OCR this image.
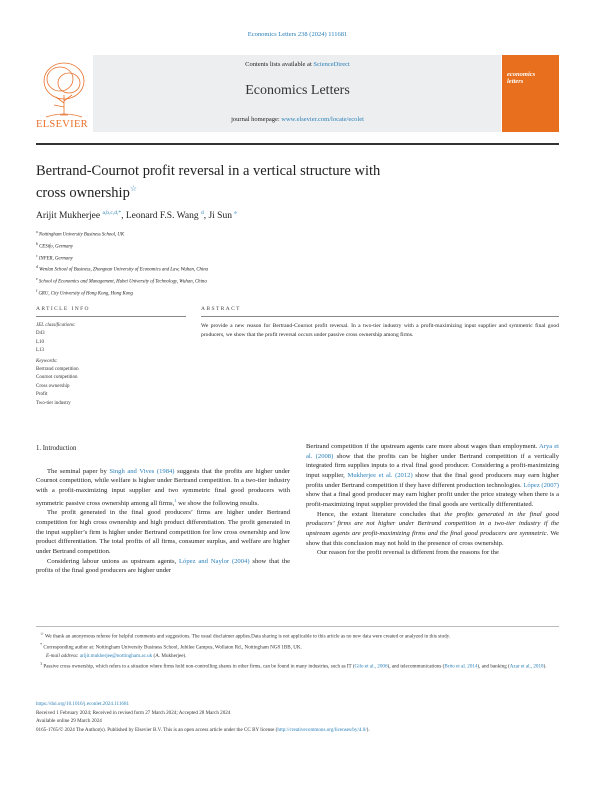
Economics Letters 238 (2024) 111681
Contents lists available at ScienceDirect
Economics Letters
journal homepage: www.elsevier.com/locate/ecolet
ELSEVIER
economics
letters
Bertrand-Cournot profit reversal in a vertical structure with
cross ownership☆
Arijit Mukherjee $^{a,b,c,d,*}$, Leonard F.S. Wang $^d$, Ji Sun $^e$
$^a$ Nottingham University Business School, UK
$^b$ CESifo, Germany
$^c$ INFER, Germany
$^d$ Wenlan School of Business, Zhongnan University of Economics and Law, Wuhan, China
$^e$ School of Economics and Management, Hubei University of Technology, Wuhan, China
$^f$ GRU, City University of Hong Kong, Hong Kong
ARTICLE INFO
JEL classifications:
D43
L10
L13
Keywords:
Bertrand competition
Cournot competition
Cross ownership
Profit
Two-tier industry
ABSTRACT
We provide a new reason for Bertrand-Cournot profit reversal. In a two-tier industry with a profit-maximizing input supplier and symmetric final good producers, we show that the profit reversal occurs under passive cross ownership among firms.
1. Introduction

The seminal paper by Singh and Vives (1984) suggests that the profits are higher under Cournot competition, while welfare is higher under Bertrand competition. In a two-tier industry with a profit-maximizing input supplier and two symmetric final good producers with symmetric passive cross ownership among all firms,$^1$ we show the following results.

The profit generated in the final good producers’ firms are higher under Bertrand competition for high cross ownership and high product differentiation. The profit generated in the input supplier’s firm is higher under Bertrand competition for low cross ownership and low product differentiation. The total profits of all firms, consumer surplus, and welfare are higher under Bertrand competition.

Considering labour unions as upstream agents, López and Naylor (2004) show that the profits of the final good producers are higher under

Bertrand competition if the upstream agents care more about wages than employment. Arya et al. (2008) show that the profits can be higher under Bertrand competition if a vertically integrated firm supplies inputs to a rival final good producer. Considering a profit-maximizing input supplier, Mukherjee et al. (2012) show that the final good producers may earn higher profits under Bertrand competition if they have different production technologies. López (2007) show that a final good producer may earn higher profit under the price strategy when there is a profit-maximizing input supplier provided the final goods are vertically differentiated.

Hence, the extant literature concludes that the profits generated in the final good producers’ firms are not higher under Bertrand competition in a two-tier industry if the upstream agents are profit-maximizing firms and the final good producers are symmetric. We show that this conclusion may not hold in the presence of cross ownership.

Our reason for the profit reversal is different from the reasons for the

☆ We thank an anonymous referee for helpful comments and suggestions. The usual disclaimer applies.Data sharing is not applicable to this article as no new data were created or analyzed in this study.
* Corresponding author at: Nottingham University Business School, Jubilee Campus, Wollaton Rd., Nottingham NG8 1BB, UK.
E-mail address: arijit.mukherjee@nottingham.ac.uk (A. Mukherjee).
$^1$ Passive cross ownership, which refers to a situation where firms hold non-controlling shares in other firms, can be found in many industries, such as IT (Gilo et al., 2006), and telecommunications (Brito et al. 2014), and banking (Azar et al., 2018).
https://doi.org/10.1016/j.econlet.2024.111681
Received 1 February 2024; Received in revised form 27 March 2024; Accepted 28 March 2024
Available online 29 March 2024
0165-1765/© 2024 The Author(s). Published by Elsevier B.V. This is an open access article under the CC BY license (http://creativecommons.org/licenses/by/4.0/).
